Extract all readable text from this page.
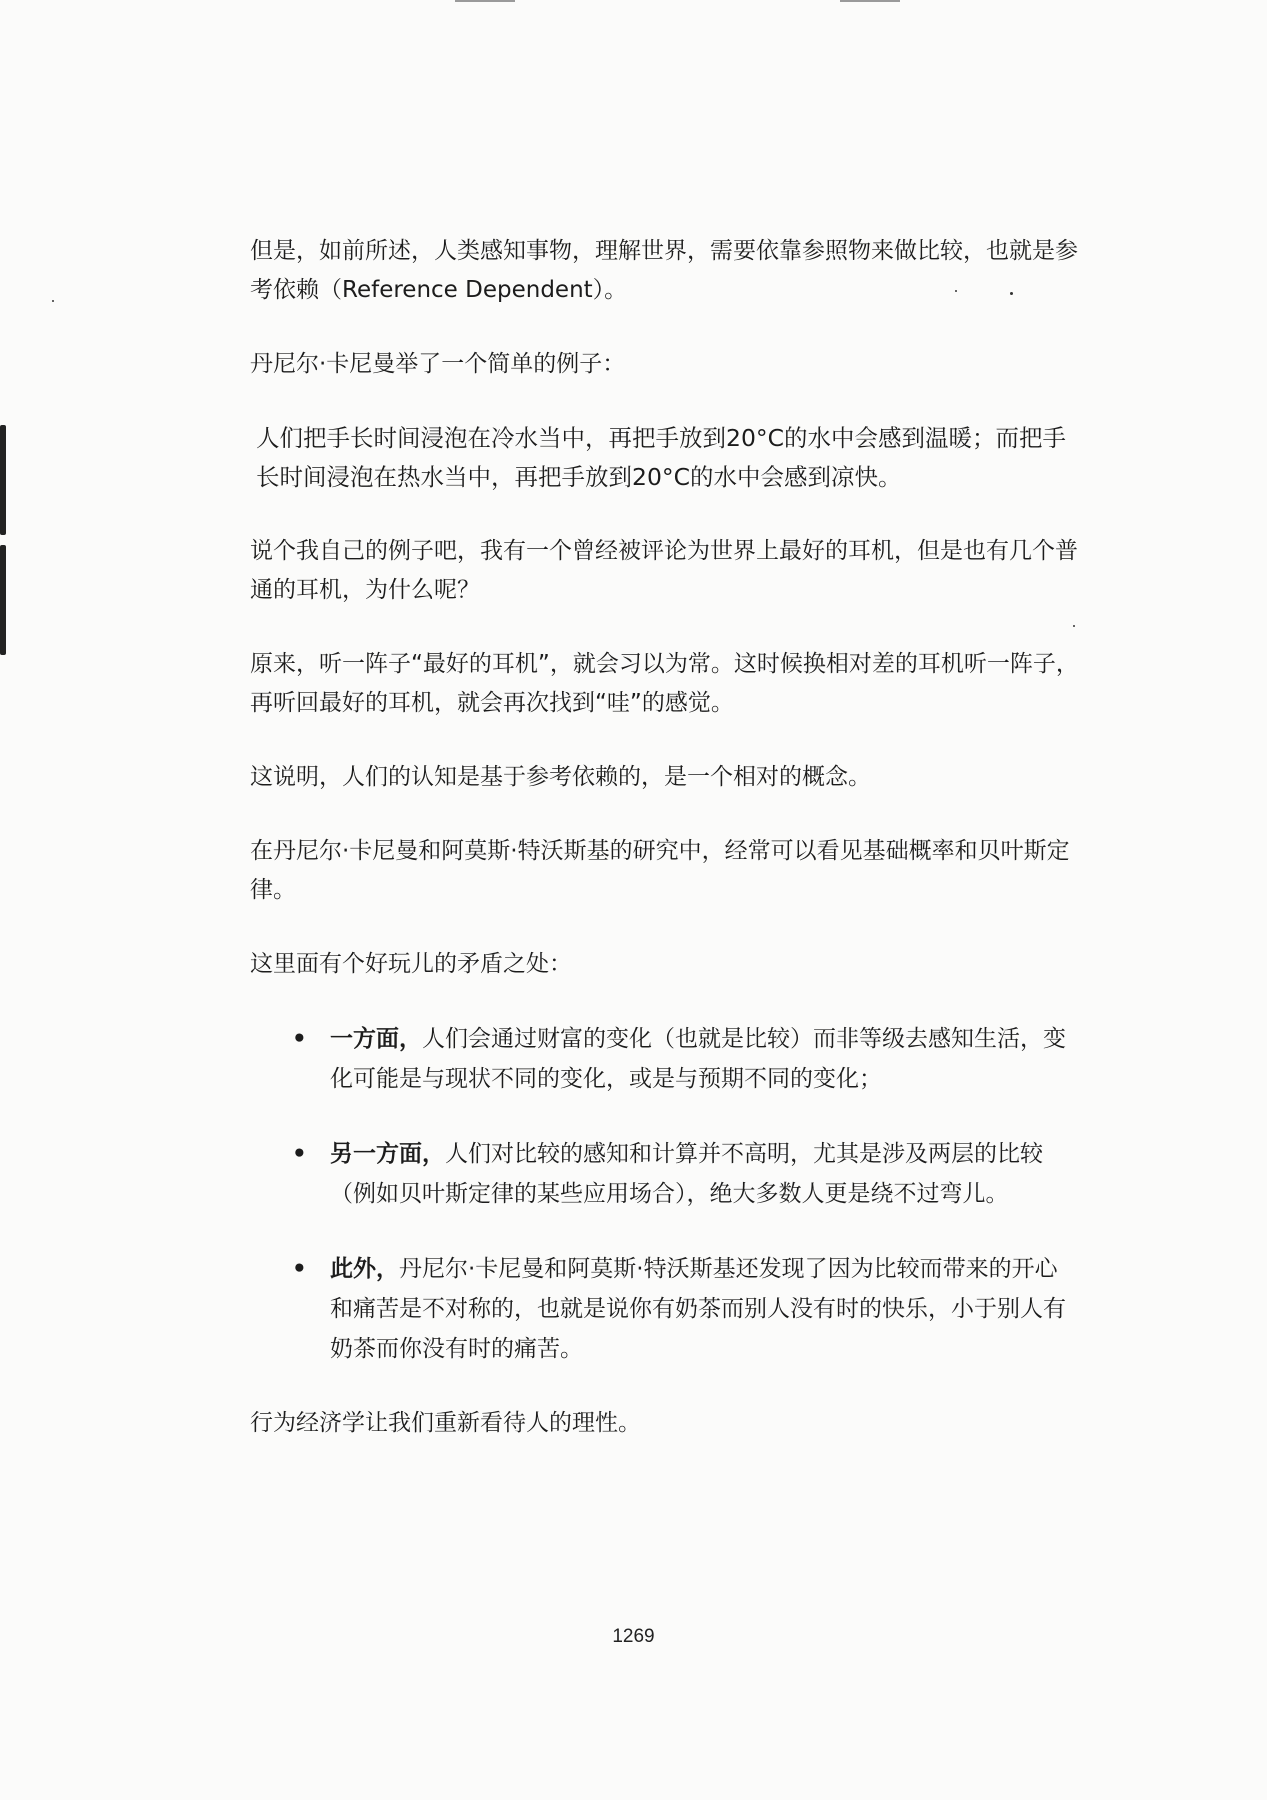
但是，如前所述，人类感知事物，理解世界，需要依靠参照物来做比较，也就是参考依赖（Reference Dependent）。

丹尼尔·卡尼曼举了一个简单的例子：

人们把手长时间浸泡在冷水当中，再把手放到20°C的水中会感到温暖；而把手长时间浸泡在热水当中，再把手放到20°C的水中会感到凉快。

说个我自己的例子吧，我有一个曾经被评论为世界上最好的耳机，但是也有几个普通的耳机，为什么呢？

原来，听一阵子“最好的耳机”，就会习以为常。这时候换相对差的耳机听一阵子，再听回最好的耳机，就会再次找到“哇”的感觉。

这说明，人们的认知是基于参考依赖的，是一个相对的概念。

在丹尼尔·卡尼曼和阿莫斯·特沃斯基的研究中，经常可以看见基础概率和贝叶斯定律。

这里面有个好玩儿的矛盾之处：

• 一方面，人们会通过财富的变化（也就是比较）而非等级去感知生活，变化可能是与现状不同的变化，或是与预期不同的变化；
• 另一方面，人们对比较的感知和计算并不高明，尤其是涉及两层的比较（例如贝叶斯定律的某些应用场合），绝大多数人更是绕不过弯儿。
• 此外，丹尼尔·卡尼曼和阿莫斯·特沃斯基还发现了因为比较而带来的开心和痛苦是不对称的，也就是说你有奶茶而别人没有时的快乐，小于别人有奶茶而你没有时的痛苦。

行为经济学让我们重新看待人的理性。

1269
